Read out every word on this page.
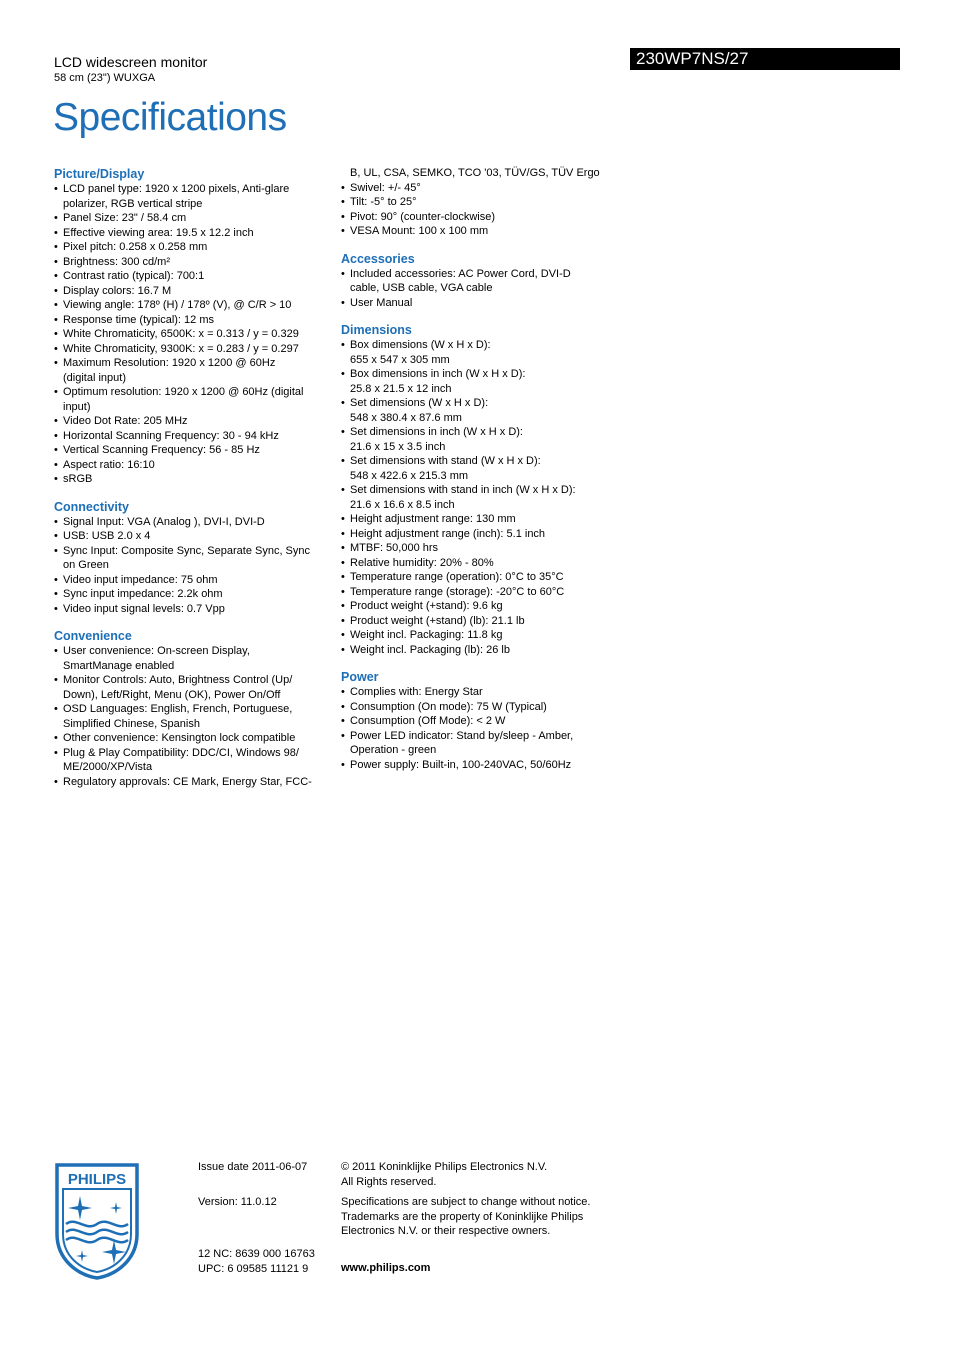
LCD widescreen monitor
58 cm (23") WUXGA
Specifications
230WP7NS/27
Picture/Display
• LCD panel type: 1920 x 1200 pixels, Anti-glare
polarizer, RGB vertical stripe
• Panel Size: 23" / 58.4 cm
• Effective viewing area: 19.5 x 12.2 inch
• Pixel pitch: 0.258 x 0.258 mm
• Brightness: 300 cd/m²
• Contrast ratio (typical): 700:1
• Display colors: 16.7 M
• Viewing angle: 178º (H) / 178º (V), @ C/R > 10
• Response time (typical): 12 ms
• White Chromaticity, 6500K: x = 0.313 / y = 0.329
• White Chromaticity, 9300K: x = 0.283 / y = 0.297
• Maximum Resolution: 1920 x 1200 @ 60Hz
(digital input)
• Optimum resolution: 1920 x 1200 @ 60Hz (digital
input)
• Video Dot Rate: 205 MHz
• Horizontal Scanning Frequency: 30 - 94 kHz
• Vertical Scanning Frequency: 56 - 85 Hz
• Aspect ratio: 16:10
• sRGB
Connectivity
• Signal Input: VGA (Analog ), DVI-I, DVI-D
• USB: USB 2.0 x 4
• Sync Input: Composite Sync, Separate Sync, Sync
on Green
• Video input impedance: 75 ohm
• Sync input impedance: 2.2k ohm
• Video input signal levels: 0.7 Vpp
Convenience
• User convenience: On-screen Display,
SmartManage enabled
• Monitor Controls: Auto, Brightness Control (Up/
Down), Left/Right, Menu (OK), Power On/Off
• OSD Languages: English, French, Portuguese,
Simplified Chinese, Spanish
• Other convenience: Kensington lock compatible
• Plug & Play Compatibility: DDC/CI, Windows 98/
ME/2000/XP/Vista
• Regulatory approvals: CE Mark, Energy Star, FCC-
B, UL, CSA, SEMKO, TCO '03, TÜV/GS, TÜV Ergo
• Swivel: +/- 45°
• Tilt: -5° to 25°
• Pivot: 90° (counter-clockwise)
• VESA Mount: 100 x 100 mm
Accessories
• Included accessories: AC Power Cord, DVI-D
cable, USB cable, VGA cable
• User Manual
Dimensions
• Box dimensions (W x H x D):
655 x 547 x 305 mm
• Box dimensions in inch (W x H x D):
25.8 x 21.5 x 12 inch
• Set dimensions (W x H x D):
548 x 380.4 x 87.6 mm
• Set dimensions in inch (W x H x D):
21.6 x 15 x 3.5 inch
• Set dimensions with stand (W x H x D):
548 x 422.6 x 215.3 mm
• Set dimensions with stand in inch (W x H x D):
21.6 x 16.6 x 8.5 inch
• Height adjustment range: 130 mm
• Height adjustment range (inch): 5.1 inch
• MTBF: 50,000 hrs
• Relative humidity: 20% - 80%
• Temperature range (operation): 0°C to 35°C
• Temperature range (storage): -20°C to 60°C
• Product weight (+stand): 9.6 kg
• Product weight (+stand) (lb): 21.1 lb
• Weight incl. Packaging: 11.8 kg
• Weight incl. Packaging (lb): 26 lb
Power
• Complies with: Energy Star
• Consumption (On mode): 75 W (Typical)
• Consumption (Off Mode): < 2 W
• Power LED indicator: Stand by/sleep - Amber,
Operation - green
• Power supply: Built-in, 100-240VAC, 50/60Hz
PHILIPS
Issue date 2011-06-07
Version: 11.0.12
12 NC: 8639 000 16763
UPC: 6 09585 11121 9
© 2011 Koninklijke Philips Electronics N.V.
All Rights reserved.
Specifications are subject to change without notice.
Trademarks are the property of Koninklijke Philips
Electronics N.V. or their respective owners.
www.philips.com
